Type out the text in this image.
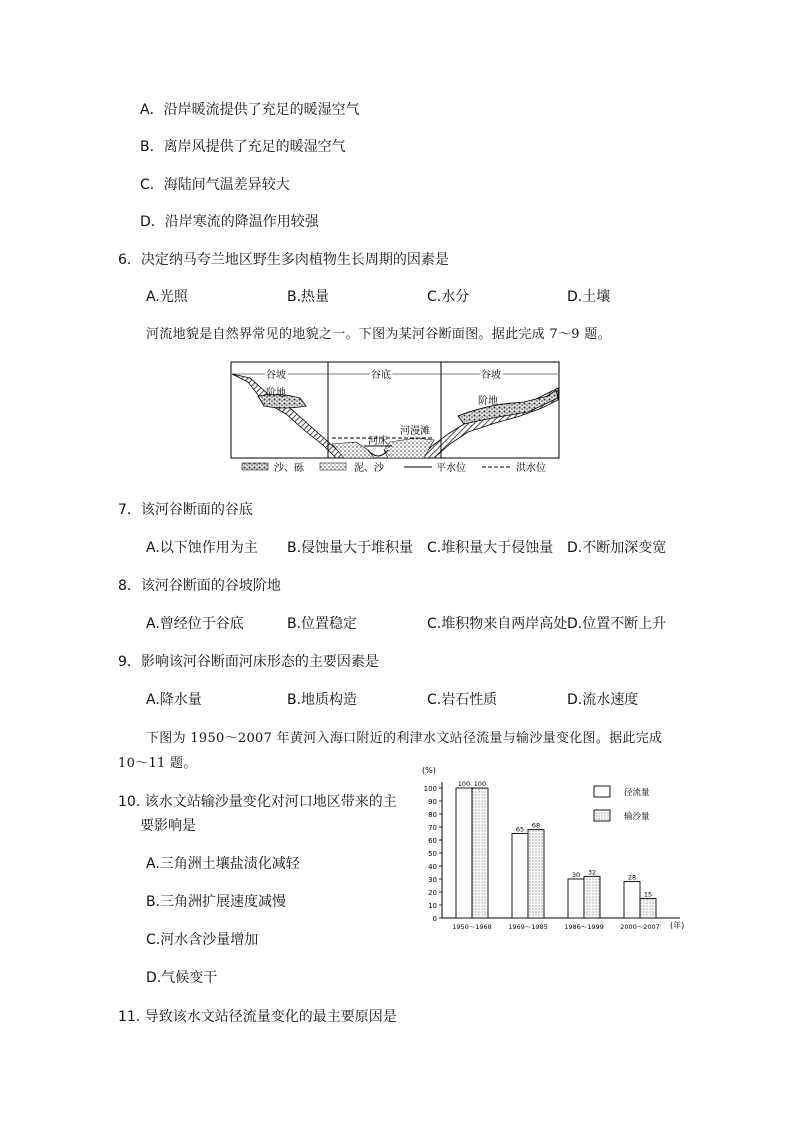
A．沿岸暖流提供了充足的暖湿空气
B．离岸风提供了充足的暖湿空气
C．海陆间气温差异较大
D．沿岸寒流的降温作用较强
6．决定纳马夸兰地区野生多肉植物生长周期的因素是
A.光照	B.热量	C.水分	D.土壤
河流地貌是自然界常见的地貌之一。下图为某河谷断面图。据此完成 7～9 题。
谷坡	谷底	谷坡
阶地
阶地
河漫滩
河床
沙、砾	泥、沙	平水位	洪水位
7．该河谷断面的谷底
A.以下蚀作用为主 B.侵蚀量大于堆积量 C.堆积量大于侵蚀量 D.不断加深变宽
8．该河谷断面的谷坡阶地
A.曾经位于谷底	B.位置稳定	C.堆积物来自两岸高处 D.位置不断上升
9．影响该河谷断面河床形态的主要因素是
A.降水量	B.地质构造	C.岩石性质	D.流水速度
下图为 1950～2007 年黄河入海口附近的利津水文站径流量与输沙量变化图。据此完成
10～11 题。
10. 该水文站输沙量变化对河口地区带来的主
要影响是
A.三角洲土壤盐渍化减轻
B.三角洲扩展速度减慢
C.河水含沙量增加
D.气候变干
11. 导致该水文站径流量变化的最主要原因是
(%)
(年)
0
10
20
30
40
50
60
70
80
90
100
100 100
1950～1968
65 68
1969～1985
30 32
1986～1999
28
15
2000～2007
径流量
输沙量
